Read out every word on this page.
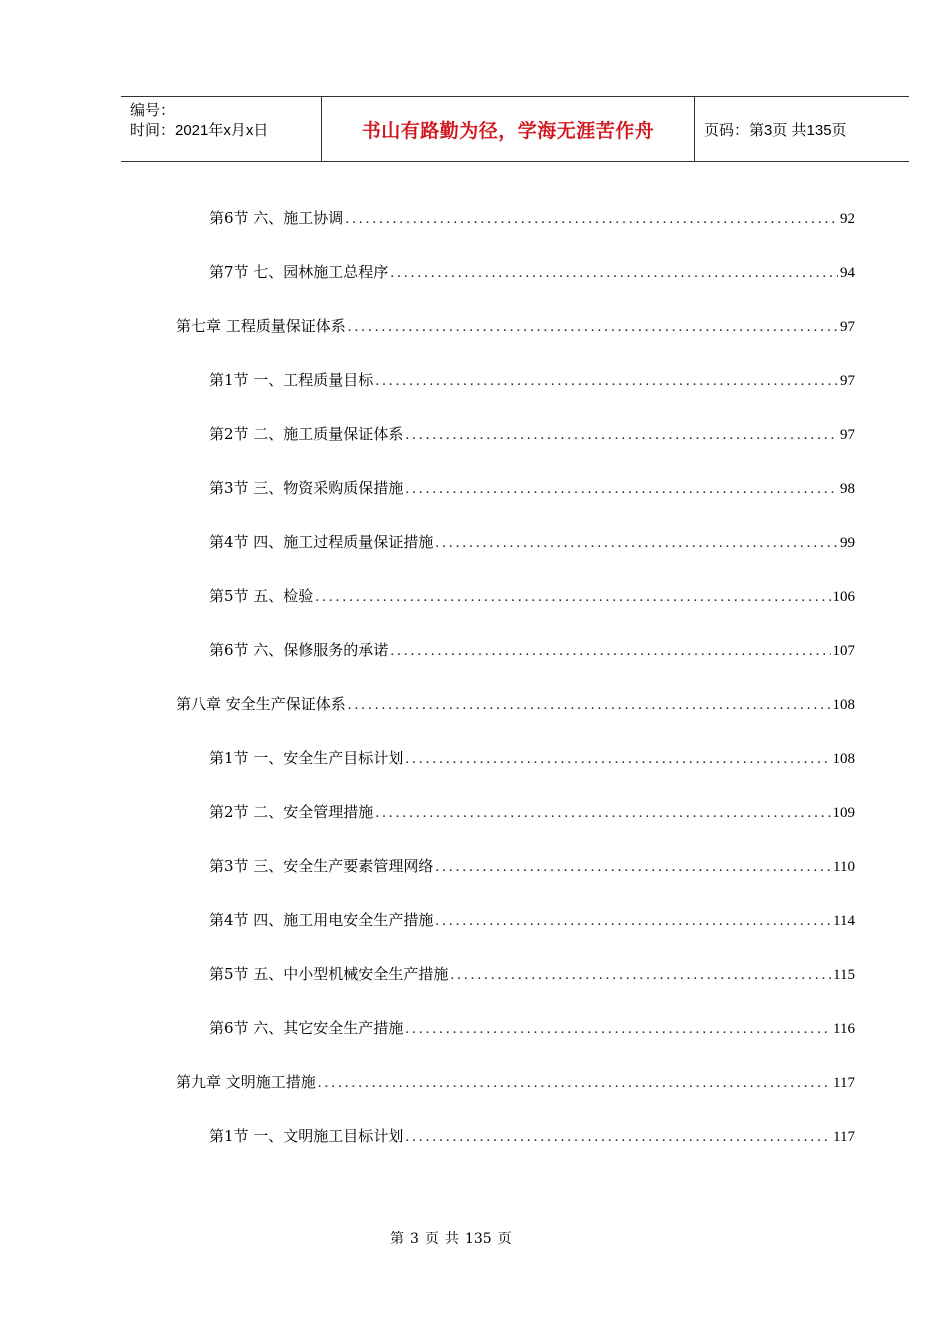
编号：
时间：2021年x月x日	书山有路勤为径，学海无涯苦作舟	页码：第3页 共135页
第6节 六、施工协调 .....	92
第7节 七、园林施工总程序 .....	94
第七章 工程质量保证体系 .....	97
第1节 一、工程质量目标 .....	97
第2节 二、施工质量保证体系 .....	97
第3节 三、物资采购质保措施 .....	98
第4节 四、施工过程质量保证措施 .....	99
第5节 五、检验 .....	106
第6节 六、保修服务的承诺 .....	107
第八章 安全生产保证体系 .....	108
第1节 一、安全生产目标计划 .....	108
第2节 二、安全管理措施 .....	109
第3节 三、安全生产要素管理网络 .....	110
第4节 四、施工用电安全生产措施 .....	114
第5节 五、中小型机械安全生产措施 .....	115
第6节 六、其它安全生产措施 .....	116
第九章 文明施工措施 .....	117
第1节 一、文明施工目标计划 .....	117
第 3 页 共 135 页
